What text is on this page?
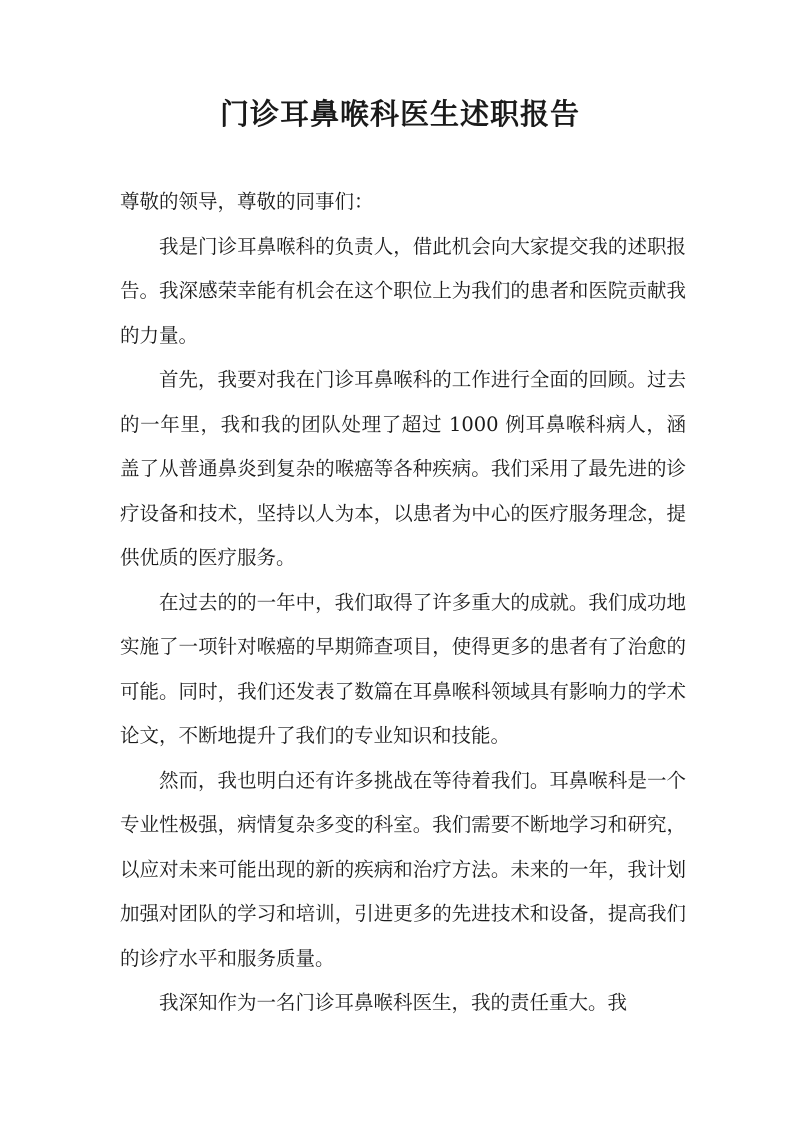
门诊耳鼻喉科医生述职报告

尊敬的领导，尊敬的同事们：

我是门诊耳鼻喉科的负责人，借此机会向大家提交我的述职报告。我深感荣幸能有机会在这个职位上为我们的患者和医院贡献我的力量。

首先，我要对我在门诊耳鼻喉科的工作进行全面的回顾。过去的一年里，我和我的团队处理了超过 1000 例耳鼻喉科病人，涵盖了从普通鼻炎到复杂的喉癌等各种疾病。我们采用了最先进的诊疗设备和技术，坚持以人为本，以患者为中心的医疗服务理念，提供优质的医疗服务。

在过去的的一年中，我们取得了许多重大的成就。我们成功地实施了一项针对喉癌的早期筛查项目，使得更多的患者有了治愈的可能。同时，我们还发表了数篇在耳鼻喉科领域具有影响力的学术论文，不断地提升了我们的专业知识和技能。

然而，我也明白还有许多挑战在等待着我们。耳鼻喉科是一个专业性极强，病情复杂多变的科室。我们需要不断地学习和研究，以应对未来可能出现的新的疾病和治疗方法。未来的一年，我计划加强对团队的学习和培训，引进更多的先进技术和设备，提高我们的诊疗水平和服务质量。

我深知作为一名门诊耳鼻喉科医生，我的责任重大。我
